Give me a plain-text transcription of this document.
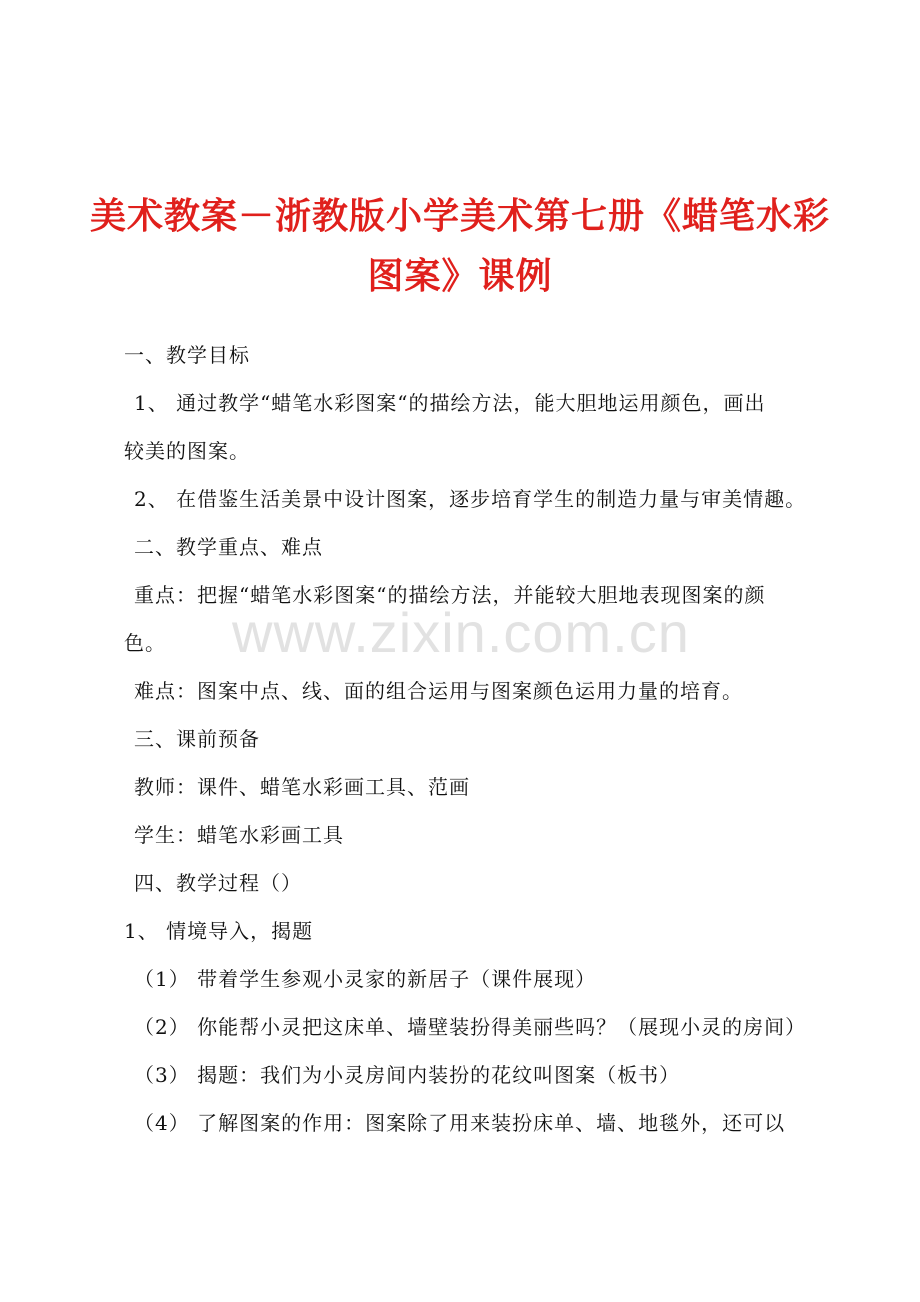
美术教案－浙教版小学美术第七册《蜡笔水彩
图案》课例
一、教学目标
1、 通过教学“蜡笔水彩图案“的描绘方法，能大胆地运用颜色，画出
较美的图案。
2、 在借鉴生活美景中设计图案，逐步培育学生的制造力量与审美情趣。
二、教学重点、难点
重点：把握“蜡笔水彩图案“的描绘方法，并能较大胆地表现图案的颜
色。
难点：图案中点、线、面的组合运用与图案颜色运用力量的培育。
三、课前预备
教师：课件、蜡笔水彩画工具、范画
学生：蜡笔水彩画工具
四、教学过程（）
1、 情境导入，揭题
（1） 带着学生参观小灵家的新居子（课件展现）
（2） 你能帮小灵把这床单、墙壁装扮得美丽些吗？（展现小灵的房间）
（3） 揭题：我们为小灵房间内装扮的花纹叫图案（板书）
（4） 了解图案的作用：图案除了用来装扮床单、墙、地毯外，还可以
www.zixin.com.cn
